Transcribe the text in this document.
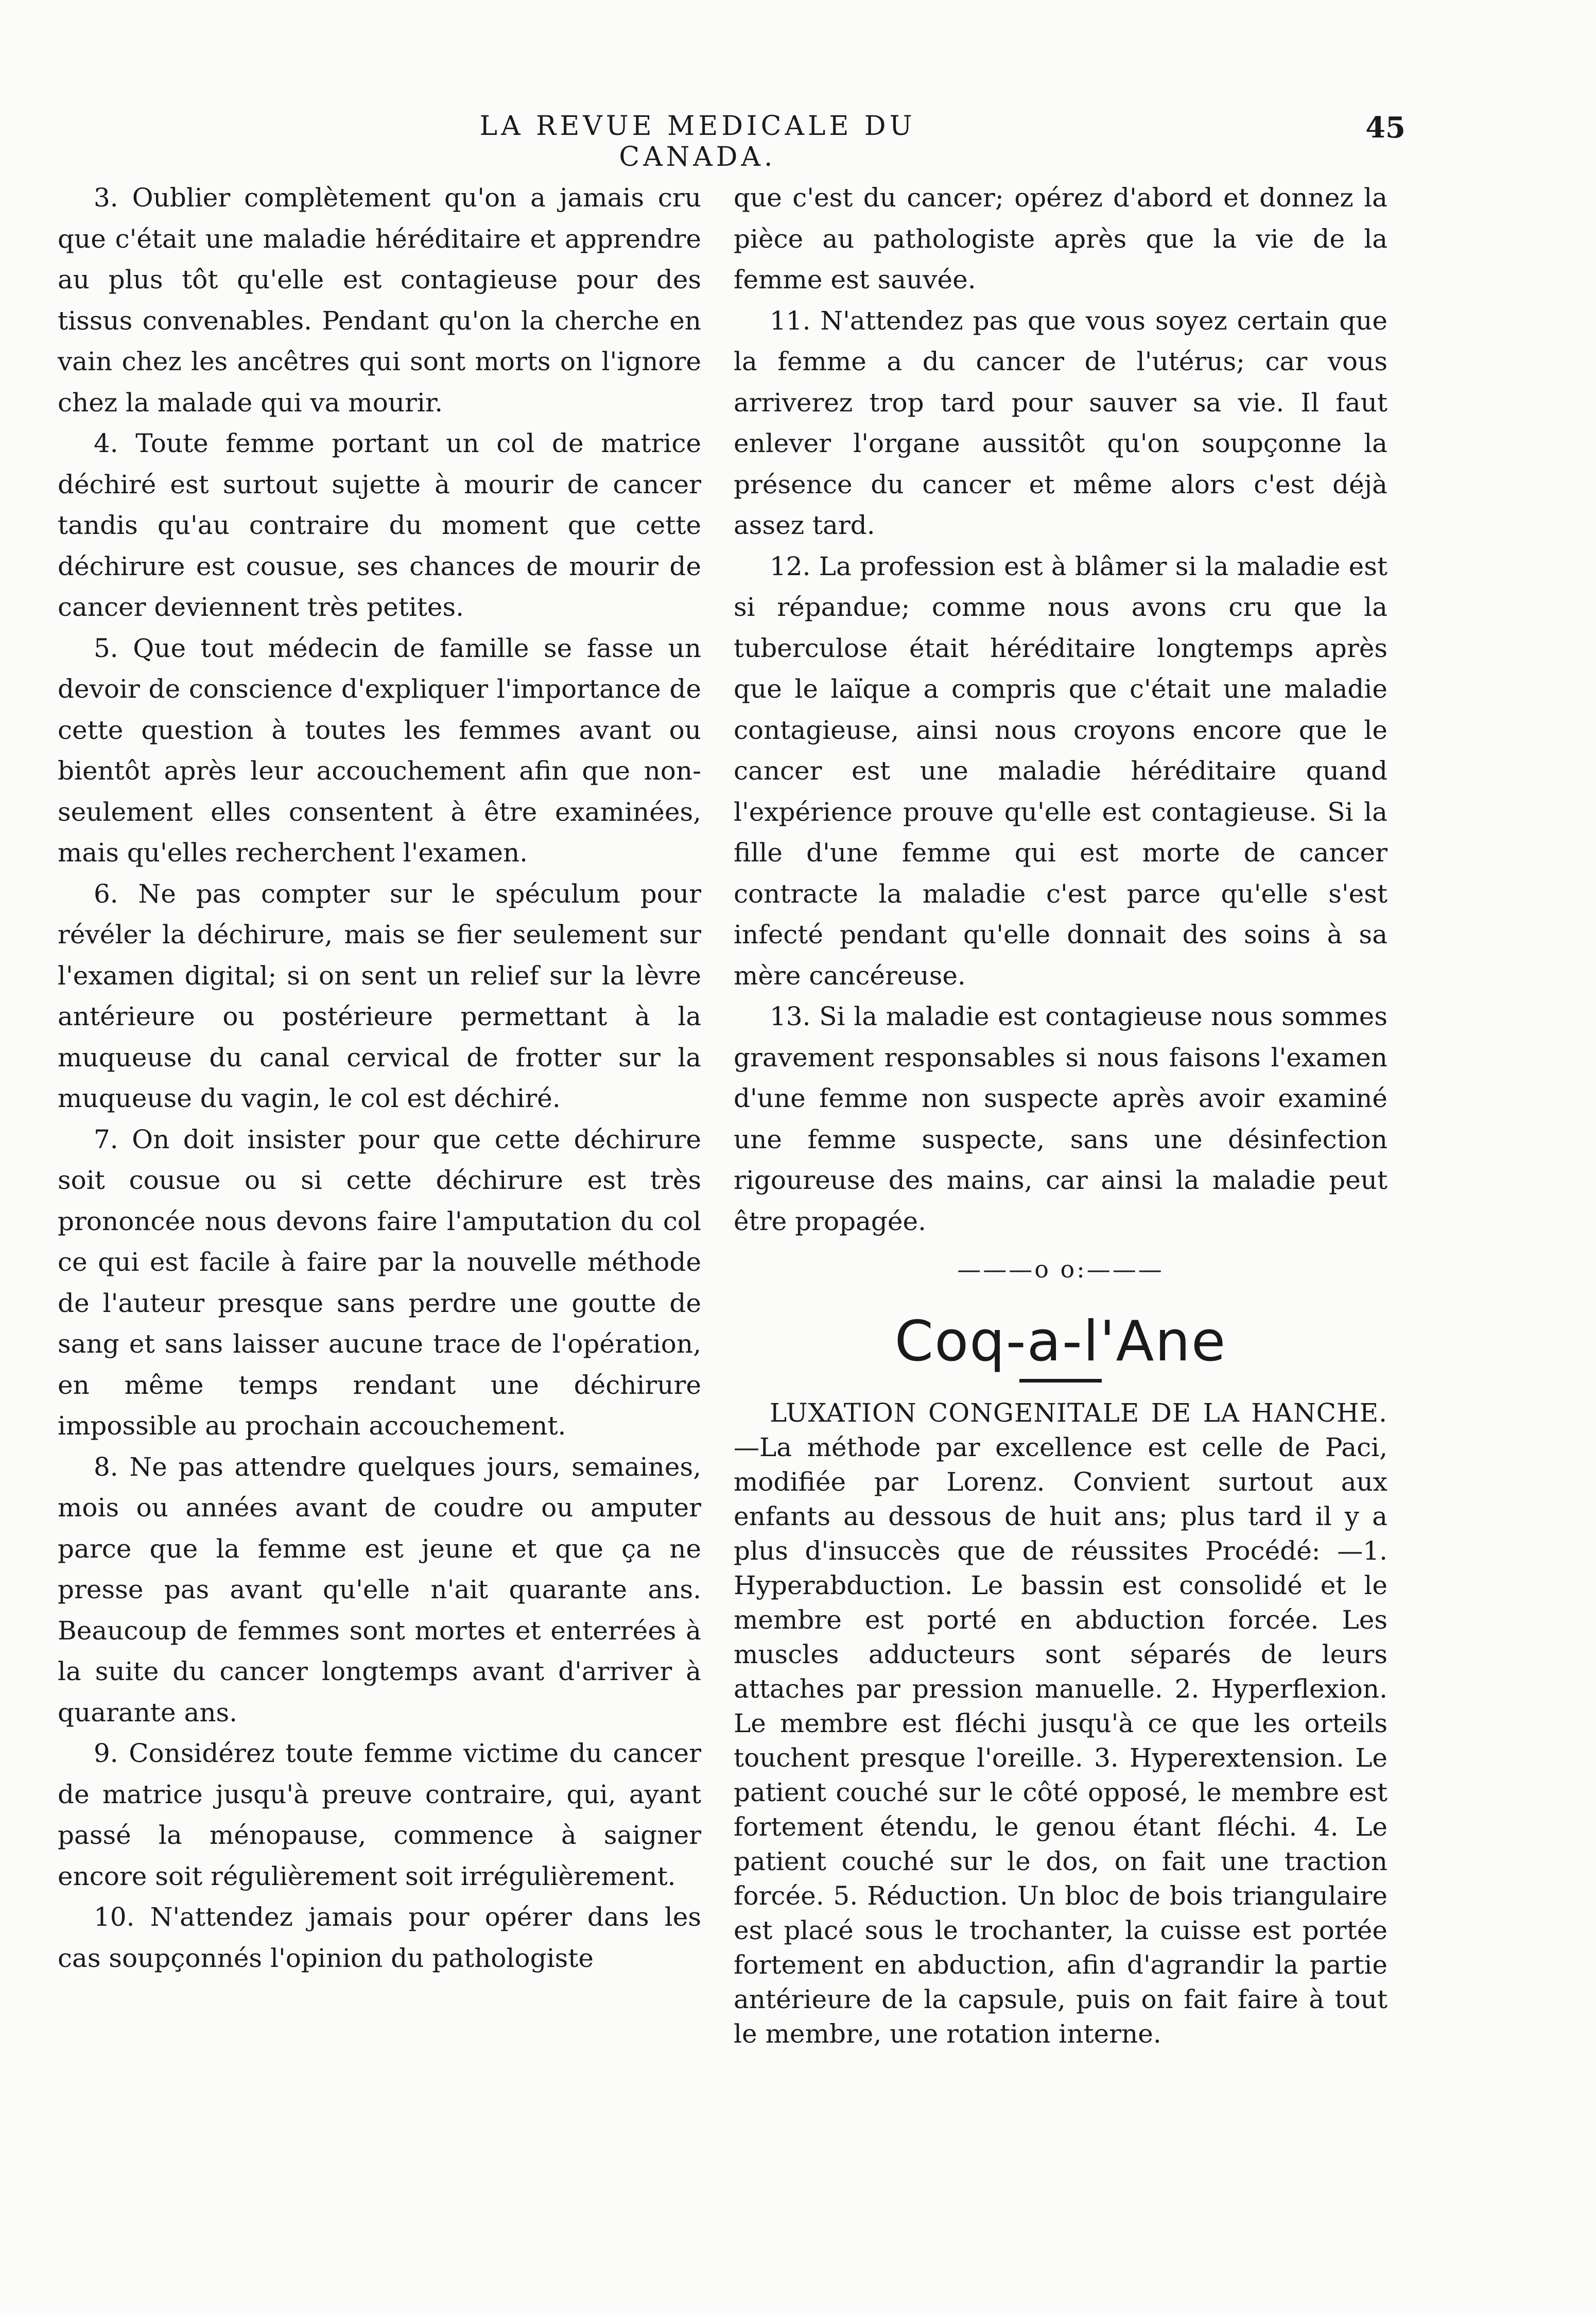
LA REVUE MEDICALE DU CANADA.
45

3. Oublier complètement qu'on a jamais cru que c'était une maladie héréditaire et apprendre au plus tôt qu'elle est contagieuse pour des tissus convenables. Pendant qu'on la cherche en vain chez les ancêtres qui sont morts on l'ignore chez la malade qui va mourir.

4. Toute femme portant un col de matrice déchiré est surtout sujette à mourir de cancer tandis qu'au contraire du moment que cette déchirure est cousue, ses chances de mourir de cancer deviennent très petites.

5. Que tout médecin de famille se fasse un devoir de conscience d'expliquer l'importance de cette question à toutes les femmes avant ou bientôt après leur accouchement afin que non-seulement elles consentent à être examinées, mais qu'elles recherchent l'examen.

6. Ne pas compter sur le spéculum pour révéler la déchirure, mais se fier seulement sur l'examen digital; si on sent un relief sur la lèvre antérieure ou postérieure permettant à la muqueuse du canal cervical de frotter sur la muqueuse du vagin, le col est déchiré.

7. On doit insister pour que cette déchirure soit cousue ou si cette déchirure est très prononcée nous devons faire l'amputation du col ce qui est facile à faire par la nouvelle méthode de l'auteur presque sans perdre une goutte de sang et sans laisser aucune trace de l'opération, en même temps rendant une déchirure impossible au prochain accouchement.

8. Ne pas attendre quelques jours, semaines, mois ou années avant de coudre ou amputer parce que la femme est jeune et que ça ne presse pas avant qu'elle n'ait quarante ans. Beaucoup de femmes sont mortes et enterrées à la suite du cancer longtemps avant d'arriver à quarante ans.

9. Considérez toute femme victime du cancer de matrice jusqu'à preuve contraire, qui, ayant passé la ménopause, commence à saigner encore soit régulièrement soit irrégulièrement.

10. N'attendez jamais pour opérer dans les cas soupçonnés l'opinion du pathologiste

que c'est du cancer; opérez d'abord et donnez la pièce au pathologiste après que la vie de la femme est sauvée.

11. N'attendez pas que vous soyez certain que la femme a du cancer de l'utérus; car vous arriverez trop tard pour sauver sa vie. Il faut enlever l'organe aussitôt qu'on soupçonne la présence du cancer et même alors c'est déjà assez tard.

12. La profession est à blâmer si la maladie est si répandue; comme nous avons cru que la tuberculose était héréditaire longtemps après que le laïque a compris que c'était une maladie contagieuse, ainsi nous croyons encore que le cancer est une maladie héréditaire quand l'expérience prouve qu'elle est contagieuse. Si la fille d'une femme qui est morte de cancer contracte la maladie c'est parce qu'elle s'est infecté pendant qu'elle donnait des soins à sa mère cancéreuse.

13. Si la maladie est contagieuse nous sommes gravement responsables si nous faisons l'examen d'une femme non suspecte après avoir examiné une femme suspecte, sans une désinfection rigoureuse des mains, car ainsi la maladie peut être propagée.

———o o:———
Coq-a-l'Ane

LUXATION CONGENITALE DE LA HANCHE.—La méthode par excellence est celle de Paci, modifiée par Lorenz. Convient surtout aux enfants au dessous de huit ans; plus tard il y a plus d'insuccès que de réussites Procédé: —1. Hyperabduction. Le bassin est consolidé et le membre est porté en abduction forcée. Les muscles adducteurs sont séparés de leurs attaches par pression manuelle. 2. Hyperflexion. Le membre est fléchi jusqu'à ce que les orteils touchent presque l'oreille. 3. Hyperextension. Le patient couché sur le côté opposé, le membre est fortement étendu, le genou étant fléchi. 4. Le patient couché sur le dos, on fait une traction forcée. 5. Réduction. Un bloc de bois triangulaire est placé sous le trochanter, la cuisse est portée fortement en abduction, afin d'agrandir la partie antérieure de la capsule, puis on fait faire à tout le membre, une rotation interne.
